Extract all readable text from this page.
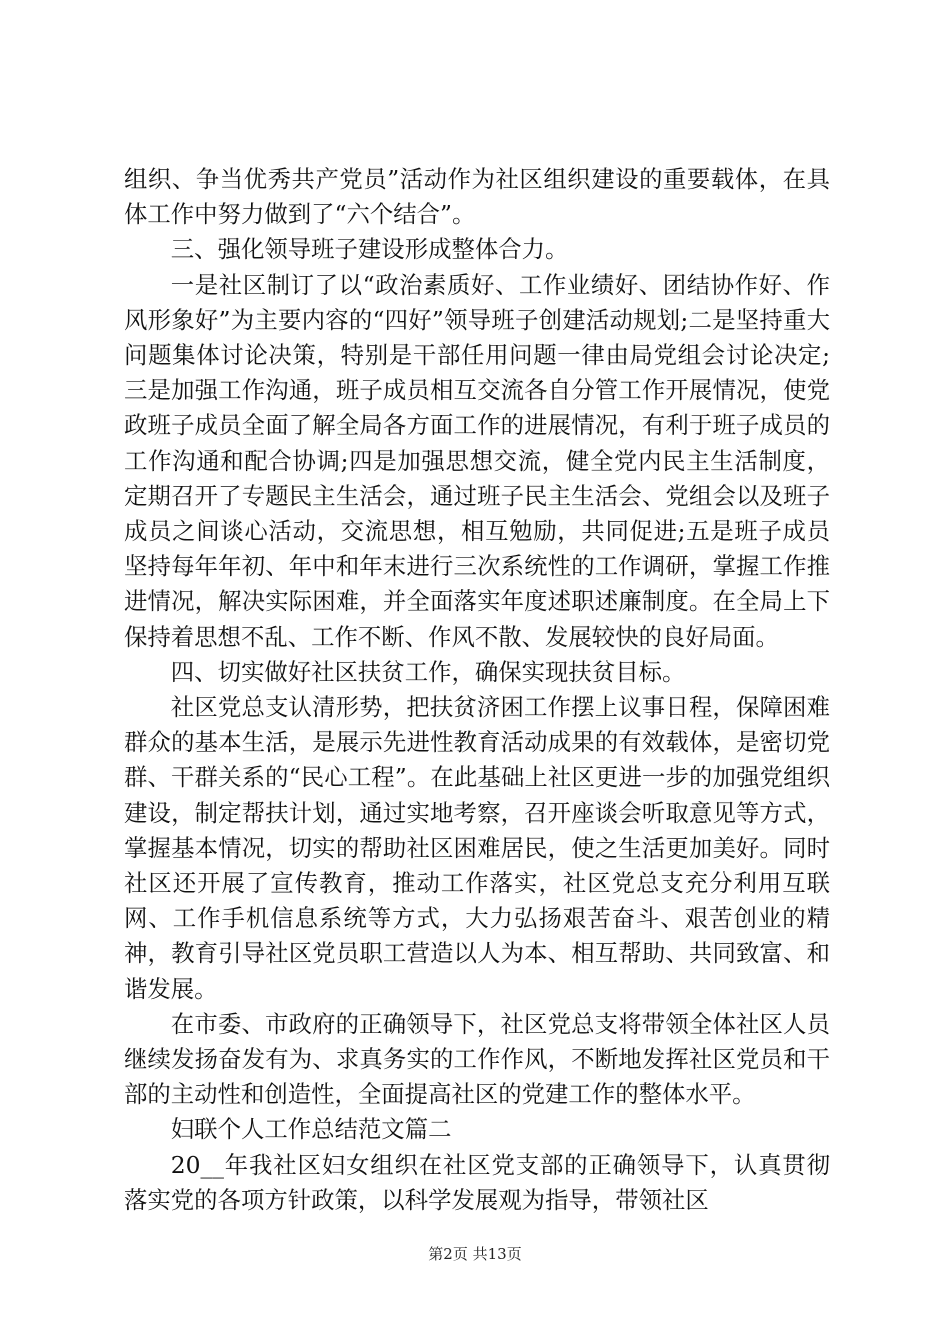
组织、争当优秀共产党员”活动作为社区组织建设的重要载体，在具体工作中努力做到了“六个结合”。

三、强化领导班子建设形成整体合力。

一是社区制订了以“政治素质好、工作业绩好、团结协作好、作风形象好”为主要内容的“四好”领导班子创建活动规划;二是坚持重大问题集体讨论决策，特别是干部任用问题一律由局党组会讨论决定;三是加强工作沟通，班子成员相互交流各自分管工作开展情况，使党政班子成员全面了解全局各方面工作的进展情况，有利于班子成员的工作沟通和配合协调;四是加强思想交流，健全党内民主生活制度，定期召开了专题民主生活会，通过班子民主生活会、党组会以及班子成员之间谈心活动，交流思想，相互勉励，共同促进;五是班子成员坚持每年年初、年中和年末进行三次系统性的工作调研，掌握工作推进情况，解决实际困难，并全面落实年度述职述廉制度。在全局上下保持着思想不乱、工作不断、作风不散、发展较快的良好局面。

四、切实做好社区扶贫工作，确保实现扶贫目标。

社区党总支认清形势，把扶贫济困工作摆上议事日程，保障困难群众的基本生活，是展示先进性教育活动成果的有效载体，是密切党群、干群关系的“民心工程”。在此基础上社区更进一步的加强党组织建设，制定帮扶计划，通过实地考察，召开座谈会听取意见等方式，掌握基本情况，切实的帮助社区困难居民，使之生活更加美好。同时社区还开展了宣传教育，推动工作落实，社区党总支充分利用互联网、工作手机信息系统等方式，大力弘扬艰苦奋斗、艰苦创业的精神，教育引导社区党员职工营造以人为本、相互帮助、共同致富、和谐发展。

在市委、市政府的正确领导下，社区党总支将带领全体社区人员继续发扬奋发有为、求真务实的工作作风，不断地发挥社区党员和干部的主动性和创造性，全面提高社区的党建工作的整体水平。

妇联个人工作总结范文篇二

20__年我社区妇女组织在社区党支部的正确领导下，认真贯彻落实党的各项方针政策，以科学发展观为指导，带领社区

第2页 共13页
